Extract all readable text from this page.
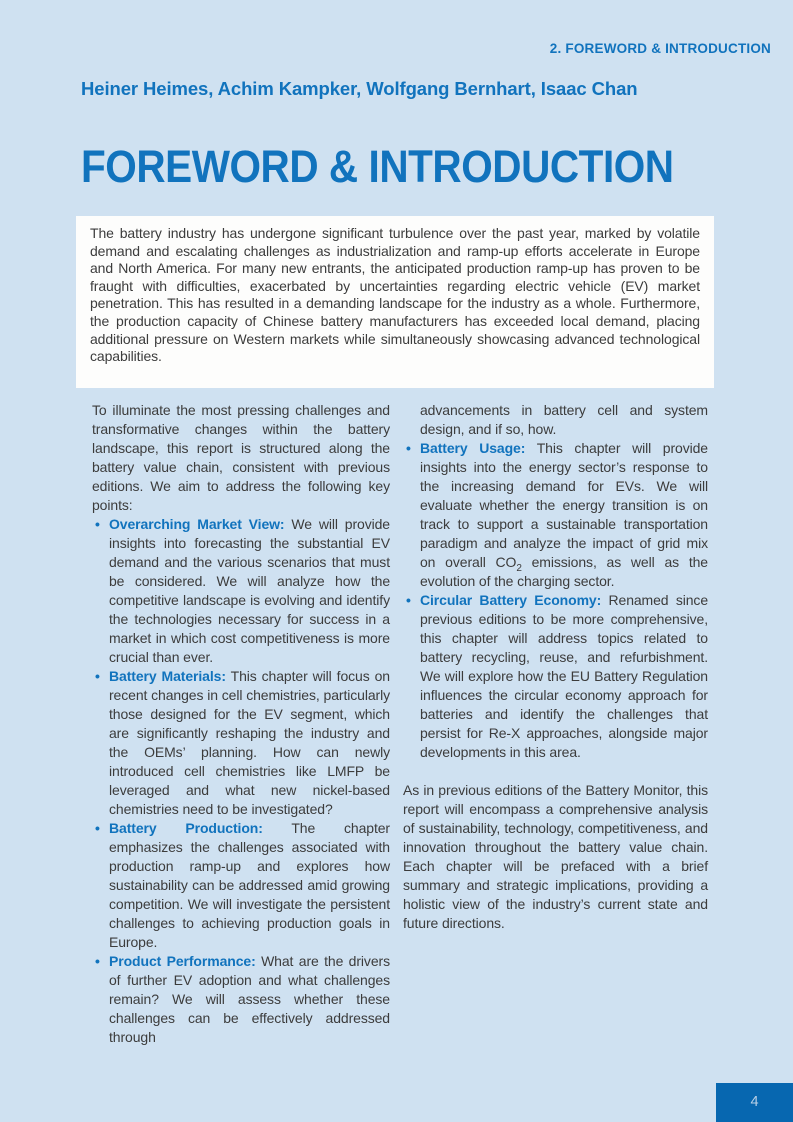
2. FOREWORD & INTRODUCTION
Heiner Heimes, Achim Kampker, Wolfgang Bernhart, Isaac Chan
FOREWORD & INTRODUCTION

The battery industry has undergone significant turbulence over the past year, marked by volatile demand and escalating challenges as industrialization and ramp-up efforts accelerate in Europe and North America. For many new entrants, the anticipated production ramp-up has proven to be fraught with difficulties, exacerbated by uncertainties regarding electric vehicle (EV) market penetration. This has resulted in a demanding landscape for the industry as a whole. Furthermore, the production capacity of Chinese battery manufacturers has exceeded local demand, placing additional pressure on Western markets while simultaneously showcasing advanced technological capabilities.

To illuminate the most pressing challenges and transformative changes within the battery landscape, this report is structured along the battery value chain, consistent with previous editions. We aim to address the following key points:

• Overarching Market View: We will provide insights into forecasting the substantial EV demand and the various scenarios that must be considered. We will analyze how the competitive landscape is evolving and identify the technologies necessary for success in a market in which cost competitiveness is more crucial than ever.
• Battery Materials: This chapter will focus on recent changes in cell chemistries, particularly those designed for the EV segment, which are significantly reshaping the industry and the OEMs’ planning. How can newly introduced cell chemistries like LMFP be leveraged and what new nickel-based chemistries need to be investigated?
• Battery Production: The chapter emphasizes the challenges associated with production ramp-up and explores how sustainability can be addressed amid growing competition. We will investigate the persistent challenges to achieving production goals in Europe.
• Product Performance: What are the drivers of further EV adoption and what challenges remain? We will assess whether these challenges can be effectively addressed through
advancements in battery cell and system design, and if so, how.
• Battery Usage: This chapter will provide insights into the energy sector’s response to the increasing demand for EVs. We will evaluate whether the energy transition is on track to support a sustainable transportation paradigm and analyze the impact of grid mix on overall $CO_2$ emissions, as well as the evolution of the charging sector.
• Circular Battery Economy: Renamed since previous editions to be more comprehensive, this chapter will address topics related to battery recycling, reuse, and refurbishment. We will explore how the EU Battery Regulation influences the circular economy approach for batteries and identify the challenges that persist for Re-X approaches, alongside major developments in this area.

As in previous editions of the Battery Monitor, this report will encompass a comprehensive analysis of sustainability, technology, competitiveness, and innovation throughout the battery value chain. Each chapter will be prefaced with a brief summary and strategic implications, providing a holistic view of the industry’s current state and future directions.

4
